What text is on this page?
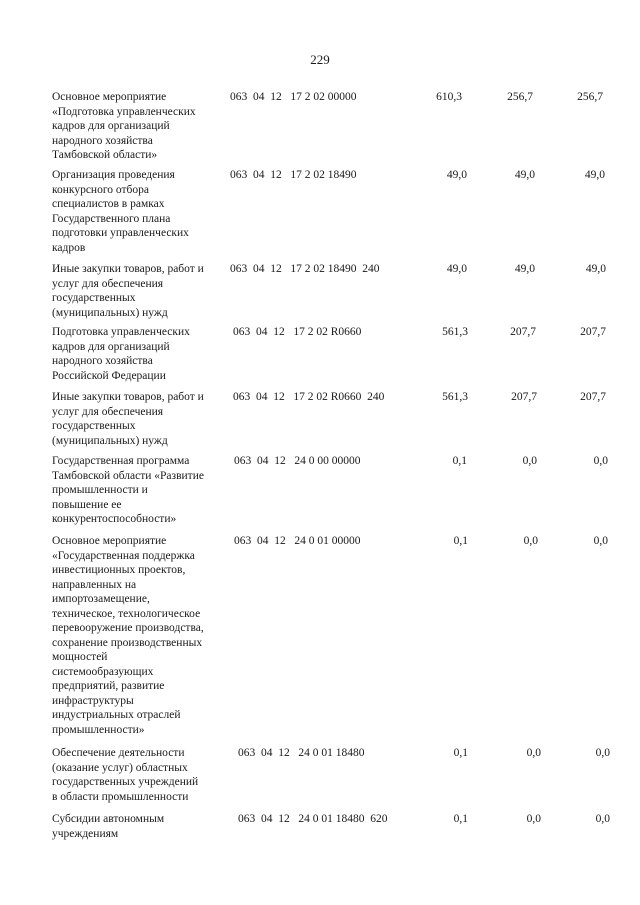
229
Основное мероприятие
«Подготовка управленческих
кадров для организаций
народного хозяйства
Тамбовской области»
063  04  12   17 2 02 00000	610,3	256,7	256,7
Организация проведения
конкурсного отбора
специалистов в рамках
Государственного плана
подготовки управленческих
кадров
063  04  12   17 2 02 18490	49,0	49,0	49,0
Иные закупки товаров, работ и
услуг для обеспечения
государственных
(муниципальных) нужд
063  04  12   17 2 02 18490  240	49,0	49,0	49,0
Подготовка управленческих
кадров для организаций
народного хозяйства
Российской Федерации
063  04  12   17 2 02 R0660	561,3	207,7	207,7
Иные закупки товаров, работ и
услуг для обеспечения
государственных
(муниципальных) нужд
063  04  12   17 2 02 R0660  240	561,3	207,7	207,7
Государственная программа
Тамбовской области «Развитие
промышленности и
повышение ее
конкурентоспособности»
063  04  12   24 0 00 00000	0,1	0,0	0,0
Основное мероприятие
«Государственная поддержка
инвестиционных проектов,
направленных на
импортозамещение,
техническое, технологическое
перевооружение производства,
сохранение производственных
мощностей
системообразующих
предприятий, развитие
инфраструктуры
индустриальных отраслей
промышленности»
063  04  12   24 0 01 00000	0,1	0,0	0,0
Обеспечение деятельности
(оказание услуг) областных
государственных учреждений
в области промышленности
063  04  12   24 0 01 18480	0,1	0,0	0,0
Субсидии автономным
учреждениям
063  04  12   24 0 01 18480  620	0,1	0,0	0,0
